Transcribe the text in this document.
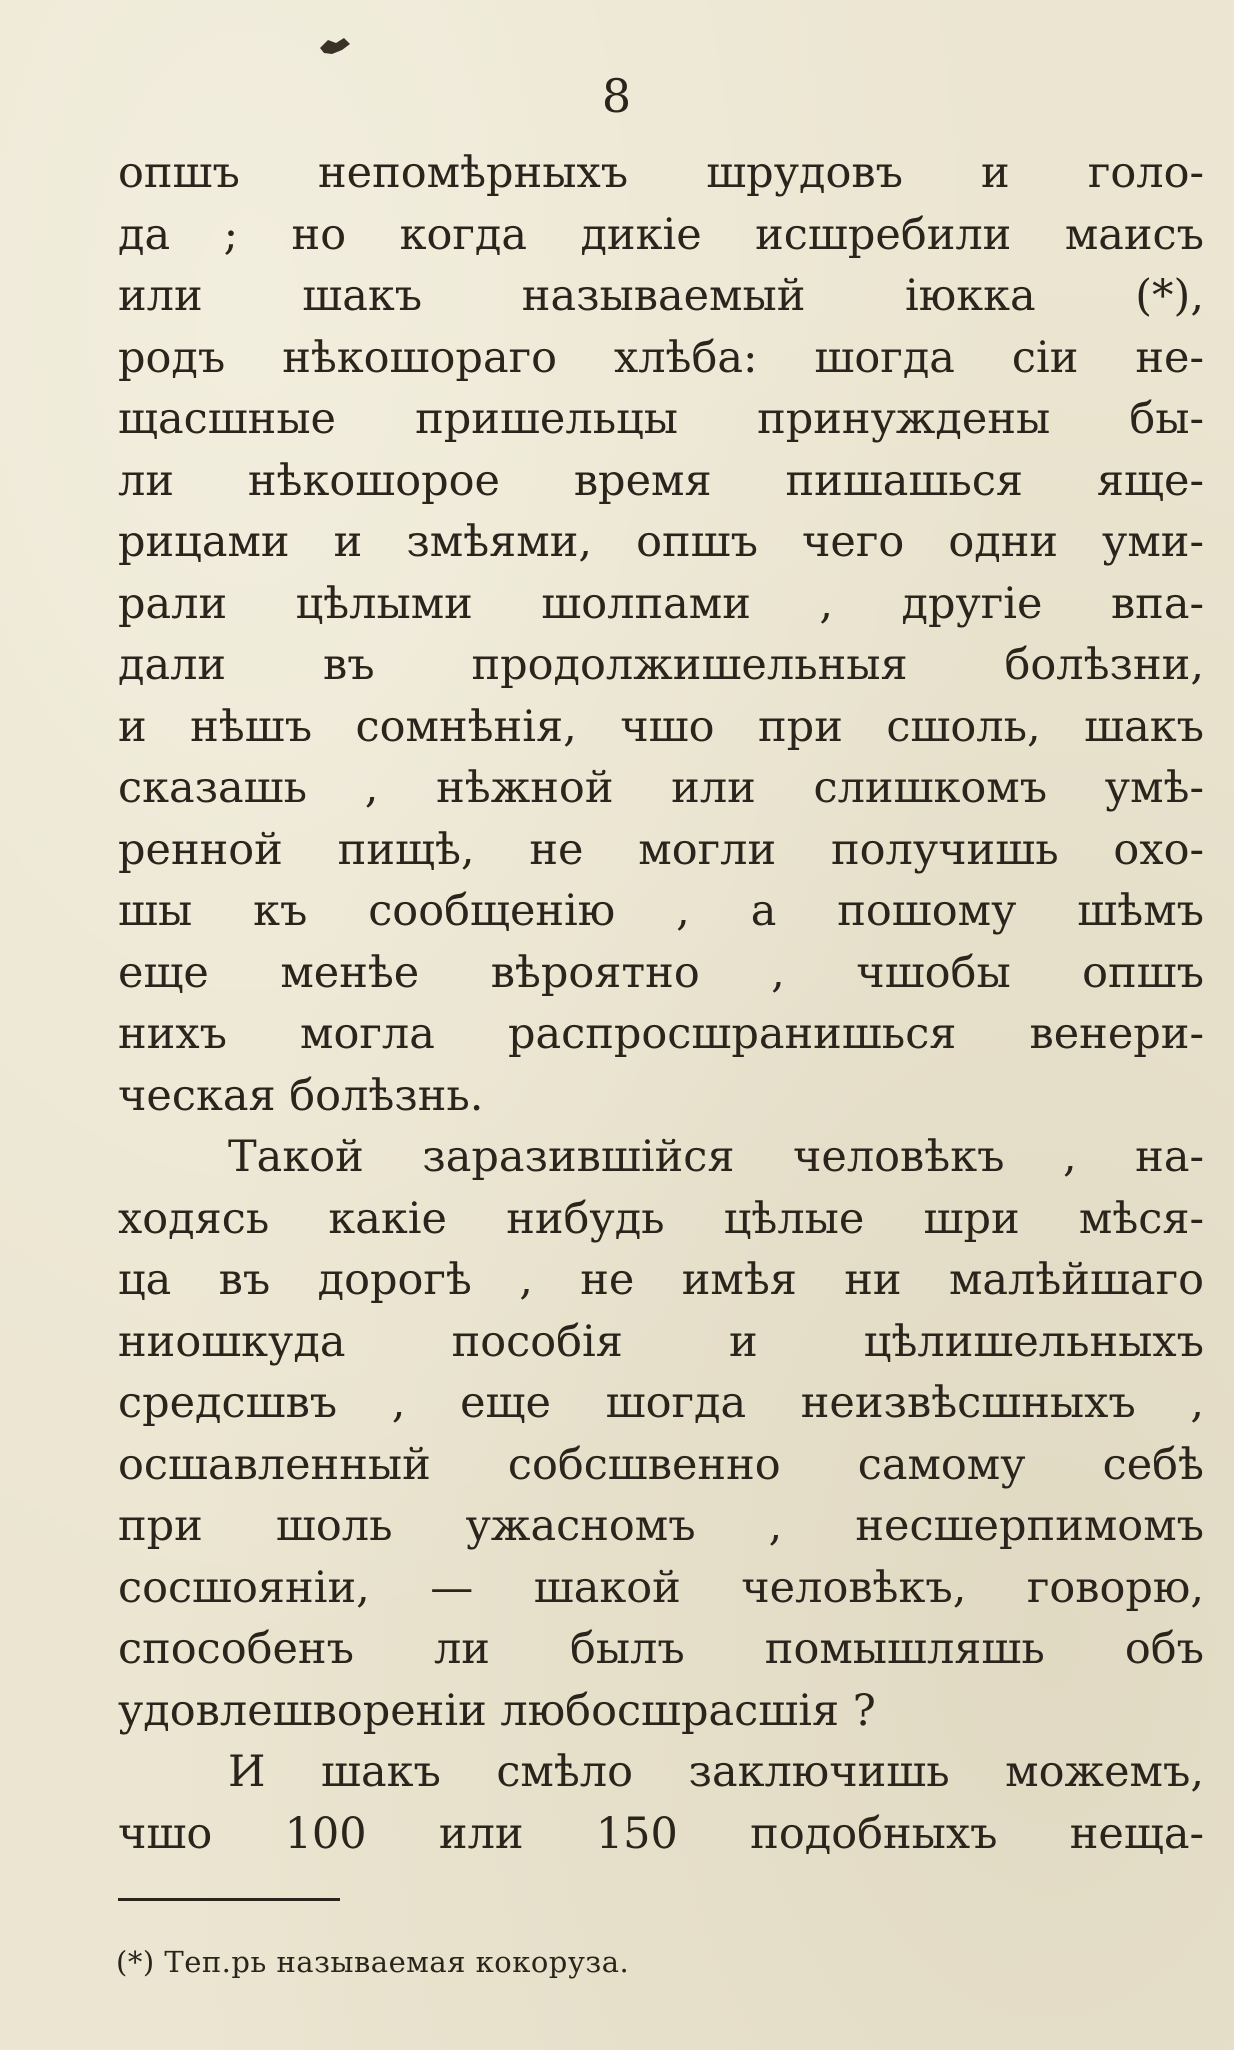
8
опшъ непомѣрныхъ шрудовъ и голо-
да ; но когда дикіе исшребили маисъ
или шакъ называемый іюкка (*),
родъ нѣкошораго хлѣба: шогда сіи не-
щасшные пришельцы принуждены бы-
ли нѣкошорое время пишашься яще-
рицами и змѣями, опшъ чего одни уми-
рали цѣлыми шолпами , другіе впа-
дали въ продолжишельныя болѣзни,
и нѣшъ сомнѣнія, чшо при сшоль, шакъ
сказашь , нѣжной или слишкомъ умѣ-
ренной пищѣ, не могли получишь охо-
шы къ сообщенію , а пошому шѣмъ
еще менѣе вѣроятно , чшобы опшъ
нихъ могла распросшранишься венери-
ческая болѣзнь.
Такой заразившійся человѣкъ , на-
ходясь какіе нибудь цѣлые шри мѣся-
ца въ дорогѣ , не имѣя ни малѣйшаго
ниошкуда пособія и цѣлишельныхъ
средсшвъ , еще шогда неизвѣсшныхъ ,
осшавленный собсшвенно самому себѣ
при шоль ужасномъ , несшерпимомъ
сосшояніи, — шакой человѣкъ, говорю,
способенъ ли былъ помышляшь объ
удовлешвореніи любосшрасшія ?
И шакъ смѣло заключишь можемъ,
чшо 100 или 150 подобныхъ нещa-
(*) Теп.рь называемая кокоруза.
